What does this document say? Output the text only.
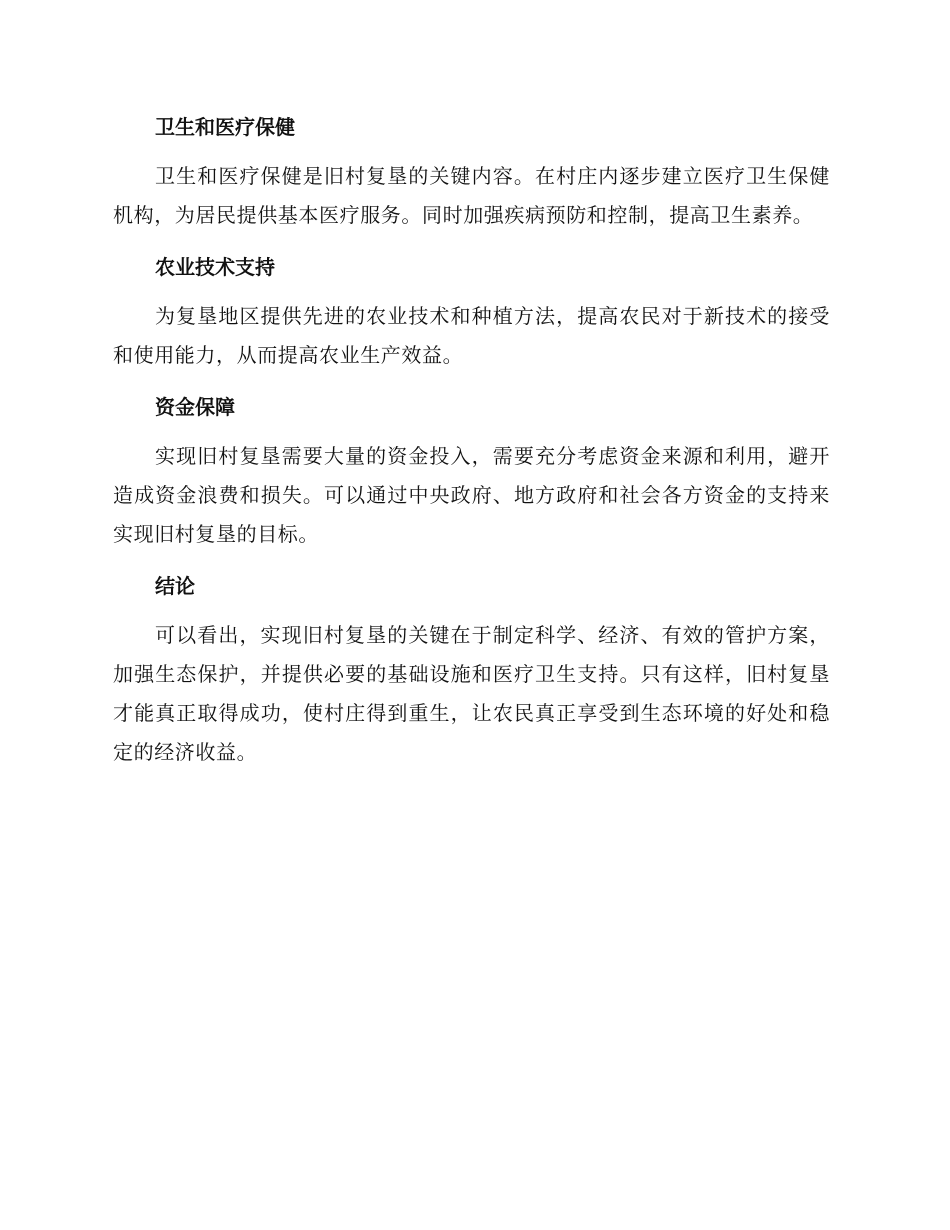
卫生和医疗保健

卫生和医疗保健是旧村复垦的关键内容。在村庄内逐步建立医疗卫生保健机构，为居民提供基本医疗服务。同时加强疾病预防和控制，提高卫生素养。

农业技术支持

为复垦地区提供先进的农业技术和种植方法，提高农民对于新技术的接受和使用能力，从而提高农业生产效益。

资金保障

实现旧村复垦需要大量的资金投入，需要充分考虑资金来源和利用，避开造成资金浪费和损失。可以通过中央政府、地方政府和社会各方资金的支持来实现旧村复垦的目标。

结论

可以看出，实现旧村复垦的关键在于制定科学、经济、有效的管护方案，加强生态保护，并提供必要的基础设施和医疗卫生支持。只有这样，旧村复垦才能真正取得成功，使村庄得到重生，让农民真正享受到生态环境的好处和稳定的经济收益。
